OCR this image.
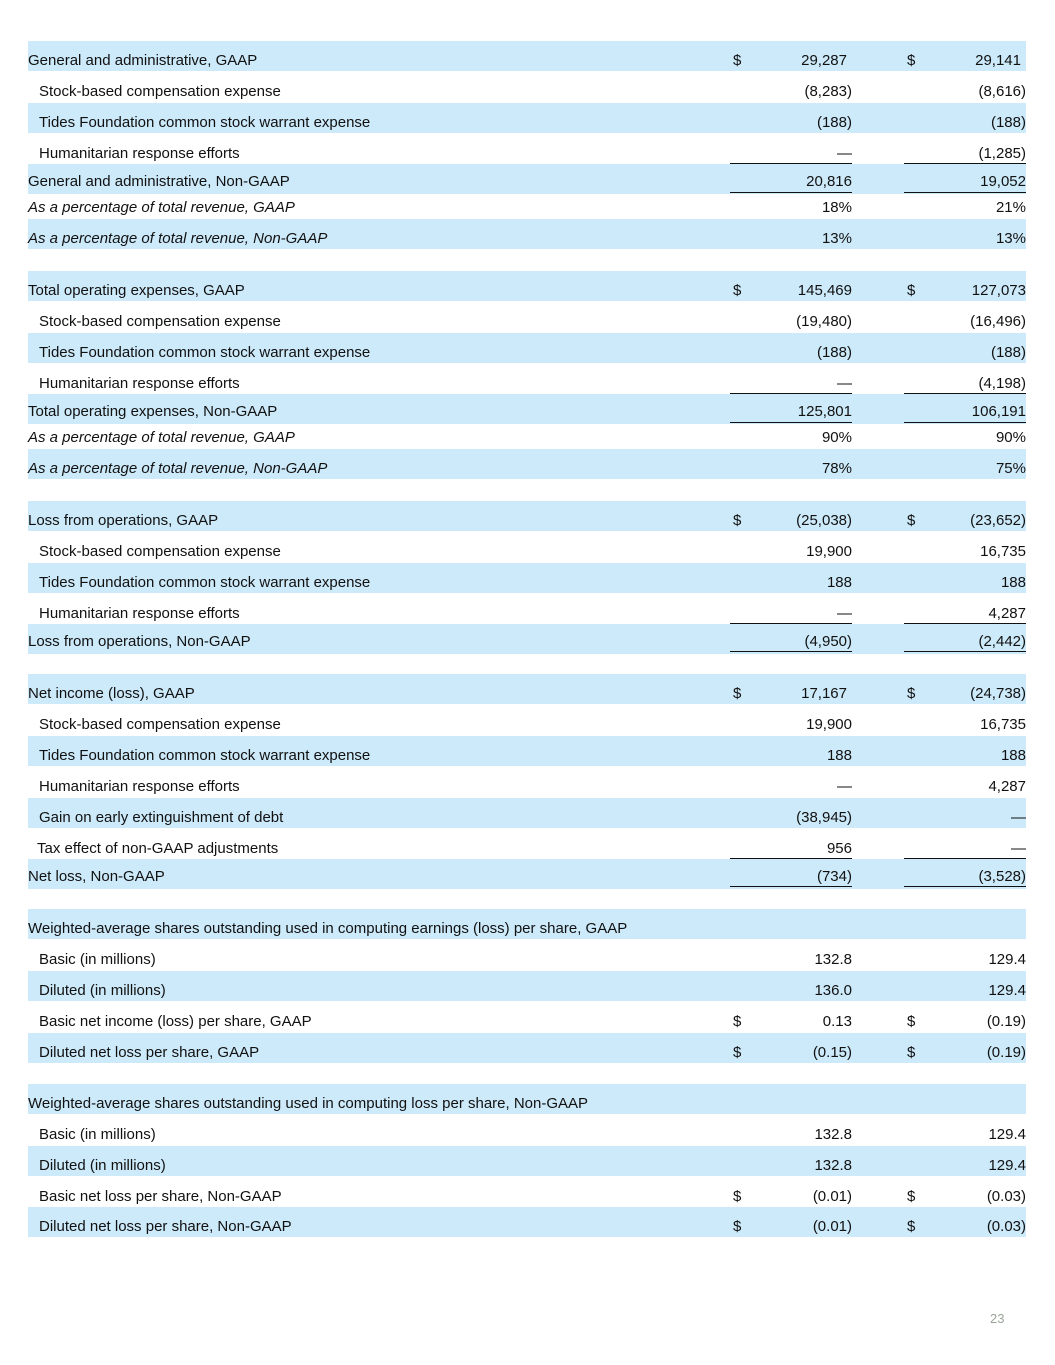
General and administrative, GAAP	$	29,287	$	29,141
Stock-based compensation expense	(8,283)	(8,616)
Tides Foundation common stock warrant expense	(188)	(188)
Humanitarian response efforts	—	(1,285)
General and administrative, Non-GAAP	20,816	19,052
As a percentage of total revenue, GAAP	18%	21%
As a percentage of total revenue, Non-GAAP	13%	13%
Total operating expenses, GAAP	$	145,469	$	127,073
Stock-based compensation expense	(19,480)	(16,496)
Tides Foundation common stock warrant expense	(188)	(188)
Humanitarian response efforts	—	(4,198)
Total operating expenses, Non-GAAP	125,801	106,191
As a percentage of total revenue, GAAP	90%	90%
As a percentage of total revenue, Non-GAAP	78%	75%
Loss from operations, GAAP	$	(25,038)	$	(23,652)
Stock-based compensation expense	19,900	16,735
Tides Foundation common stock warrant expense	188	188
Humanitarian response efforts	—	4,287
Loss from operations, Non-GAAP	(4,950)	(2,442)
Net income (loss), GAAP	$	17,167	$	(24,738)
Stock-based compensation expense	19,900	16,735
Tides Foundation common stock warrant expense	188	188
Humanitarian response efforts	—	4,287
Gain on early extinguishment of debt	(38,945)	—
Tax effect of non-GAAP adjustments	956	—
Net loss, Non-GAAP	(734)	(3,528)
Weighted-average shares outstanding used in computing earnings (loss) per share, GAAP
Basic (in millions)	132.8	129.4
Diluted (in millions)	136.0	129.4
Basic net income (loss) per share, GAAP	$	0.13	$	(0.19)
Diluted net loss per share, GAAP	$	(0.15)	$	(0.19)
Weighted-average shares outstanding used in computing loss per share, Non-GAAP
Basic (in millions)	132.8	129.4
Diluted (in millions)	132.8	129.4
Basic net loss per share, Non-GAAP	$	(0.01)	$	(0.03)
Diluted net loss per share, Non-GAAP	$	(0.01)	$	(0.03)
23
